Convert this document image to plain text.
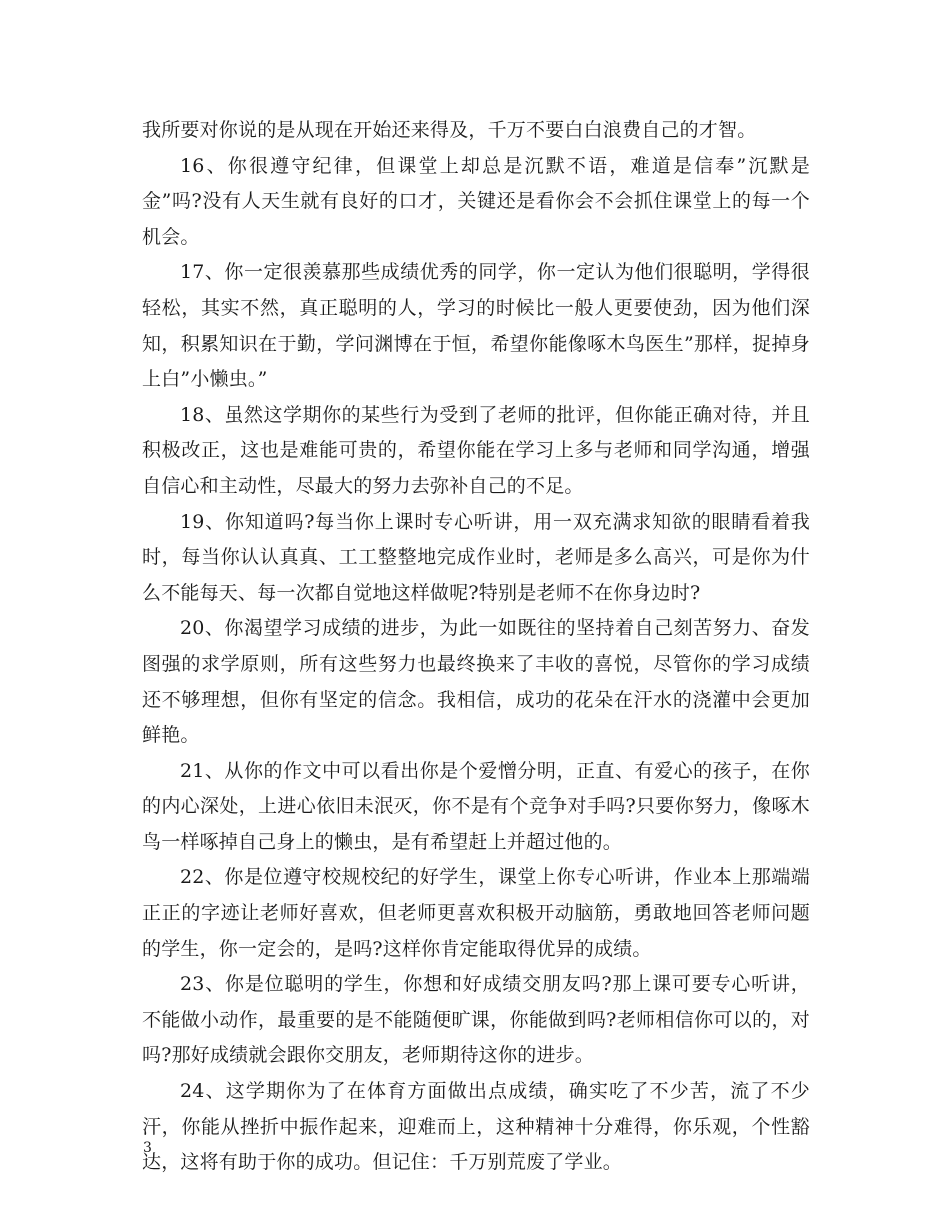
我所要对你说的是从现在开始还来得及，千万不要白白浪费自己的才智。

16、你很遵守纪律，但课堂上却总是沉默不语，难道是信奉”沉默是金”吗?没有人天生就有良好的口才，关键还是看你会不会抓住课堂上的每一个机会。

17、你一定很羡慕那些成绩优秀的同学，你一定认为他们很聪明，学得很轻松，其实不然，真正聪明的人，学习的时候比一般人更要使劲，因为他们深知，积累知识在于勤，学问渊博在于恒，希望你能像啄木鸟医生”那样，捉掉身上白”小懒虫。”

18、虽然这学期你的某些行为受到了老师的批评，但你能正确对待，并且积极改正，这也是难能可贵的，希望你能在学习上多与老师和同学沟通，增强自信心和主动性，尽最大的努力去弥补自己的不足。

19、你知道吗?每当你上课时专心听讲，用一双充满求知欲的眼睛看着我时，每当你认认真真、工工整整地完成作业时，老师是多么高兴，可是你为什么不能每天、每一次都自觉地这样做呢?特别是老师不在你身边时?

20、你渴望学习成绩的进步，为此一如既往的坚持着自己刻苦努力、奋发图强的求学原则，所有这些努力也最终换来了丰收的喜悦，尽管你的学习成绩还不够理想，但你有坚定的信念。我相信，成功的花朵在汗水的浇灌中会更加鲜艳。

21、从你的作文中可以看出你是个爱憎分明，正直、有爱心的孩子，在你的内心深处，上进心依旧未泯灭，你不是有个竞争对手吗?只要你努力，像啄木鸟一样啄掉自己身上的懒虫，是有希望赶上并超过他的。

22、你是位遵守校规校纪的好学生，课堂上你专心听讲，作业本上那端端正正的字迹让老师好喜欢，但老师更喜欢积极开动脑筋，勇敢地回答老师问题的学生，你一定会的，是吗?这样你肯定能取得优异的成绩。

23、你是位聪明的学生，你想和好成绩交朋友吗?那上课可要专心听讲，不能做小动作，最重要的是不能随便旷课，你能做到吗?老师相信你可以的，对吗?那好成绩就会跟你交朋友，老师期待这你的进步。

24、这学期你为了在体育方面做出点成绩，确实吃了不少苦，流了不少汗，你能从挫折中振作起来，迎难而上，这种精神十分难得，你乐观，个性豁达，这将有助于你的成功。但记住：千万别荒废了学业。

3
